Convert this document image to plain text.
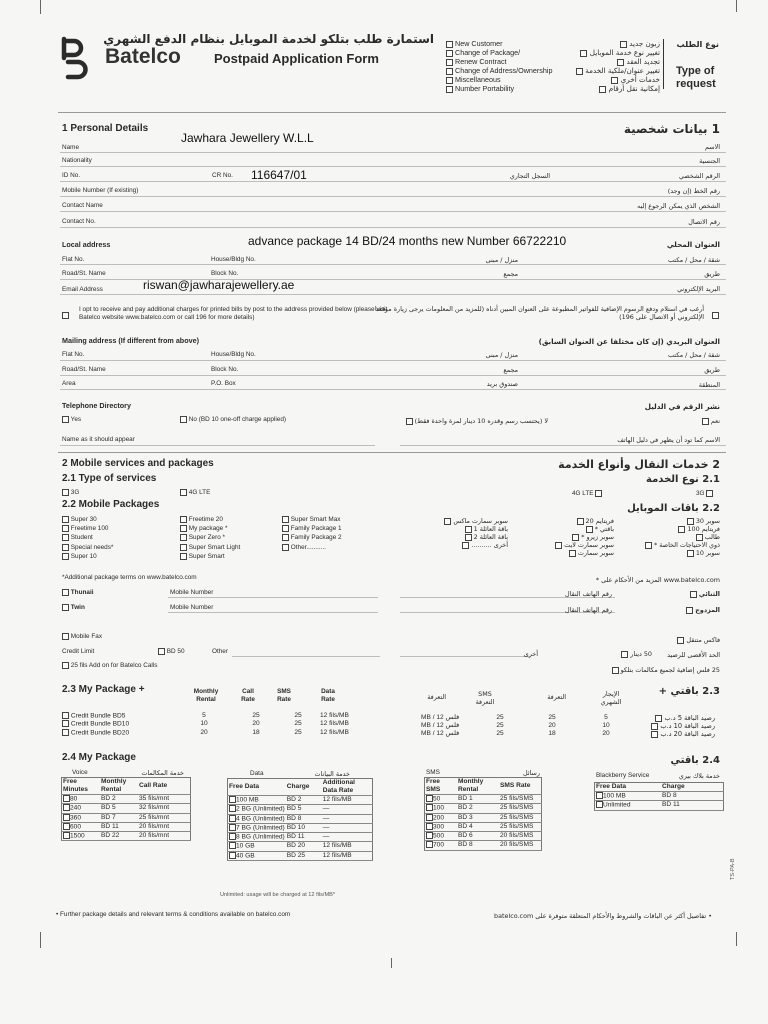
Batelco
استمارة طلب بتلكو لخدمة الموبايل بنظام الدفع الشهري
Postpaid Application Form
New Customer
Change of Package/
Renew Contract
Change of Address/Ownership
Miscellaneous
Number Portability
زبون جديد
تغيير نوع خدمة الموبايل
تجديد العقد
تغيير عنوان/ملكية الخدمة
خدمات أخرى
إمكانية نقل أرقام
نوع الطلب
Type of request
1 Personal Details	1 بيانات شخصية
Jawhara Jewellery W.L.L
116647/01
CR No.
Name
Nationality
ID No.
Mobile Number (If existing)
Contact Name
Contact No.
الاسم
الجنسية
الرقم الشخصي
السجل التجاري
رقم الخط (إن وجد)
الشخص الذي يمكن الرجوع إليه
رقم الاتصال
Local address	العنوان المحلي
advance package 14 BD/24 months new Number 66722210
Flat No.	House/Bldg No.	منزل / مبنى	شقة / محل / مكتب
Road/St. Name	Block No.	مجمع	طريق
Email Address	riswan@jawharajewellery.ae	البريد الإلكتروني
I opt to receive and pay additional charges for printed bills by post to the address provided below (please visit Batelco website www.batelco.com or call 196 for more details)
أرغب في استلام ودفع الرسوم الإضافية للفواتير المطبوعة على العنوان المبين أدناه (للمزيد من المعلومات يرجى زيارة موقعنا الإلكتروني أو الاتصال على 196)
Mailing address (If different from above)	العنوان البريدي (إن كان مختلفا عن العنوان السابق)
Flat No.	House/Bldg No.	منزل / مبنى	شقة / محل / مكتب
Road/St. Name	Block No.	مجمع	طريق
Area	P.O. Box	صندوق بريد	المنطقة
Telephone Directory	نشر الرقم في الدليل
Yes	No (BD 10 one-off charge applied)	نعم
لا (يحتسب رسم وقدره 10 دينار لمرة واحدة فقط)
Name as it should appear	الاسم كما تود أن يظهر في دليل الهاتف
2 Mobile services and packages	2 خدمات النقال وأنواع الخدمة
2.1 Type of services	2.1 نوع الخدمة
3G	4G LTE	4G LTE	3G
2.2 Mobile Packages	2.2 باقات الموبايل
Super 30
Freetime 100
Student
Special needs*
Super 10
Freetime 20
My package *
Super Zero *
Super Smart Light
Super Smart
Super Smart Max
Family Package 1
Family Package 2
Other...........
سوبر سمارت ماكس
باقة العائلة 1
باقة العائلة 2
أخرى ..........
فريتايم 20
باقتي *
سوبر زيرو *
سوبر سمارت لايت
سوبر سمارت
سوبر 30
فريتايم 100
طالب
ذوي الاحتياجات الخاصة *
سوبر 10
*Additional package terms on www.batelco.com	www.batelco.com المزيد من الأحكام على *
Thunaii	Mobile Number	رقم الهاتف النقال	الثنائي
Twin	Mobile Number	رقم الهاتف النقال	المزدوج
Mobile Fax	فاكس متنقل
Credit Limit	BD 50	Other	أخرى	50 دينار الحد الأقصى للرصيد
25 fils Add on for Batelco Calls
25 فلس إضافية لجميع مكالمات بتلكو
2.3 My Package +	2.3 باقتي +
Monthly Rental
Call Rate
SMS Rate
Data Rate
SMS التعرفة
الإيجار الشهري
التعرفة
التعرفة
Credit Bundle BD5	5	25	25	12 fils/MB
Credit Bundle BD10	10	20	25	12 fils/MB
Credit Bundle BD20	20	18	25	12 fils/MB
MB / فلس 12	25	25	5	رصيد الباقة 5 د.ب
MB / فلس 12	25	20	10	رصيد الباقة 10 د.ب
MB / فلس 12	25	18	20	رصيد الباقة 20 د.ب
2.4 My Package	2.4 باقتي
Voice	خدمة المكالمات
Free Minutes	Monthly Rental	Call Rate
80	BD 2	35 fils/mnt
240	BD 5	32 fils/mnt
360	BD 7	25 fils/mnt
600	BD 11	20 fils/mnt
1500	BD 22	20 fils/mnt
Data	خدمة البيانات
Free Data	Charge	Additional Data Rate
100 MB	BD 2	12 fils/MB
2 BG (Unlimited)	BD 5	—
4 BG (Unlimited)	BD 8	—
7 BG (Unlimited)	BD 10	—
8 BG (Unlimited)	BD 11	—
10 GB	BD 20	12 fils/MB
40 GB	BD 25	12 fils/MB
SMS	رسائل
Free SMS	Monthly Rental	SMS Rate
50	BD 1	25 fils/SMS
100	BD 2	25 fils/SMS
200	BD 3	25 fils/SMS
300	BD 4	25 fils/SMS
500	BD 6	20 fils/SMS
700	BD 8	20 fils/SMS
Blackberry Service	خدمة بلاك بيري
Free Data	Charge
100 MB	BD 8
Unlimited	BD 11
Unlimited: usage will be charged at 12 fils/MB*
• Further package details and relevant terms & conditions available on batelco.com	• تفاصيل أكثر عن الباقات والشروط والأحكام المتعلقة متوفرة على batelco.com
TS-PA-B
